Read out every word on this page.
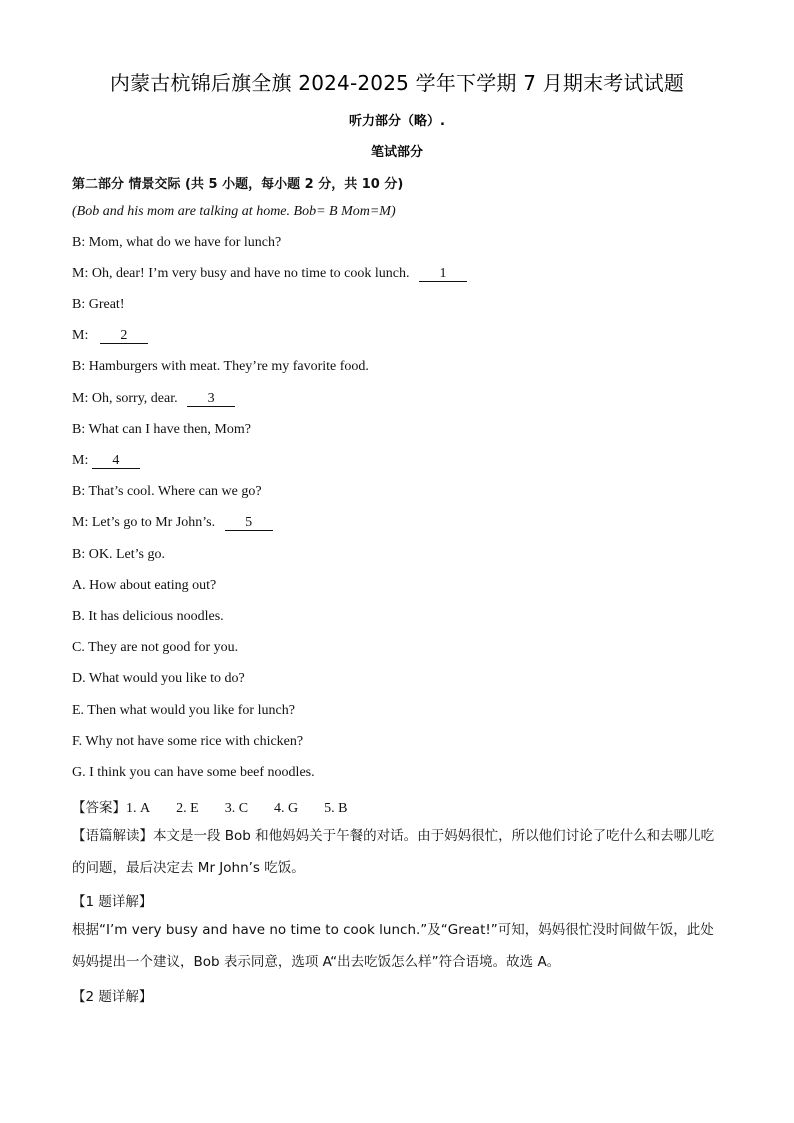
内蒙古杭锦后旗全旗 2024-2025 学年下学期 7 月期末考试试题
听力部分（略）.
笔试部分
第二部分 情景交际 (共 5 小题，每小题 2 分，共 10 分)
(Bob and his mom are talking at home. Bob= B Mom=M)
B: Mom, what do we have for lunch?
M: Oh, dear! I’m very busy and have no time to cook lunch. 1
B: Great!
M: 2
B: Hamburgers with meat. They’re my favorite food.
M: Oh, sorry, dear. 3
B: What can I have then, Mom?
M: 4
B: That’s cool. Where can we go?
M: Let’s go to Mr John’s. 5
B: OK. Let’s go.
A. How about eating out?
B. It has delicious noodles.
C. They are not good for you.
D. What would you like to do?
E. Then what would you like for lunch?
F. Why not have some rice with chicken?
G. I think you can have some beef noodles.
【答案】1. A 2. E 3. C 4. G 5. B
【语篇解读】本文是一段 Bob 和他妈妈关于午餐的对话。由于妈妈很忙，所以他们讨论了吃什么和去哪儿吃的问题，最后决定去 Mr John’s 吃饭。
【1 题详解】
根据“I’m very busy and have no time to cook lunch.”及“Great!”可知，妈妈很忙没时间做午饭，此处妈妈提出一个建议，Bob 表示同意，选项 A“出去吃饭怎么样”符合语境。故选 A。
【2 题详解】
